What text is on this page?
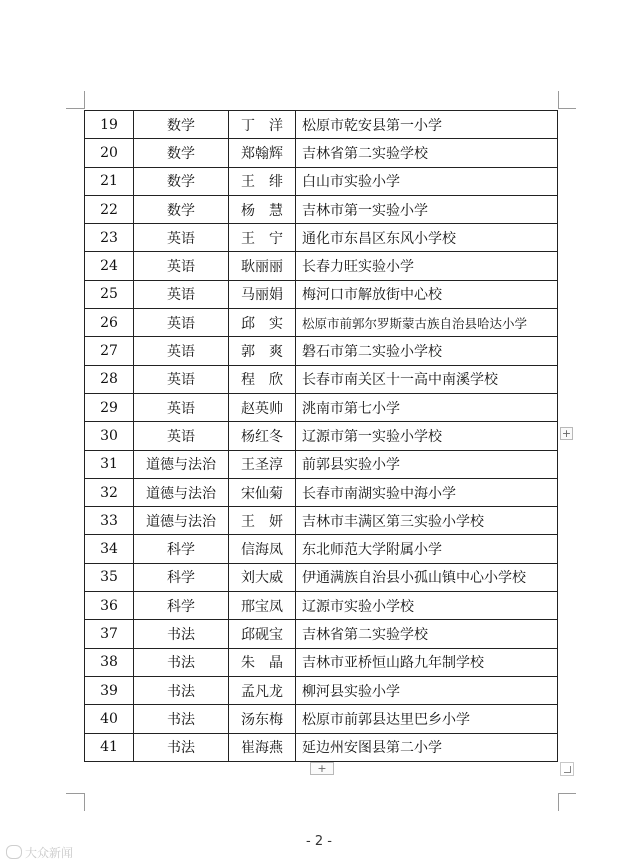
19	数学	丁　洋	松原市乾安县第一小学
20	数学	郑翰辉	吉林省第二实验学校
21	数学	王　绯	白山市实验小学
22	数学	杨　慧	吉林市第一实验小学
23	英语	王　宁	通化市东昌区东风小学校
24	英语	耿丽丽	长春力旺实验小学
25	英语	马丽娟	梅河口市解放街中心校
26	英语	邱　实	松原市前郭尔罗斯蒙古族自治县哈达小学
27	英语	郭　爽	磐石市第二实验小学校
28	英语	程　欣	长春市南关区十一高中南溪学校
29	英语	赵英帅	洮南市第七小学
30	英语	杨红冬	辽源市第一实验小学校
31	道德与法治	王圣淳	前郭县实验小学
32	道德与法治	宋仙菊	长春市南湖实验中海小学
33	道德与法治	王　妍	吉林市丰满区第三实验小学校
34	科学	信海凤	东北师范大学附属小学
35	科学	刘大威	伊通满族自治县小孤山镇中心小学校
36	科学	邢宝凤	辽源市实验小学校
37	书法	邱砚宝	吉林省第二实验学校
38	书法	朱　晶	吉林市亚桥恒山路九年制学校
39	书法	孟凡龙	柳河县实验小学
40	书法	汤东梅	松原市前郭县达里巴乡小学
41	书法	崔海燕	延边州安图县第二小学
+
+
- 2 -
大众新闻
